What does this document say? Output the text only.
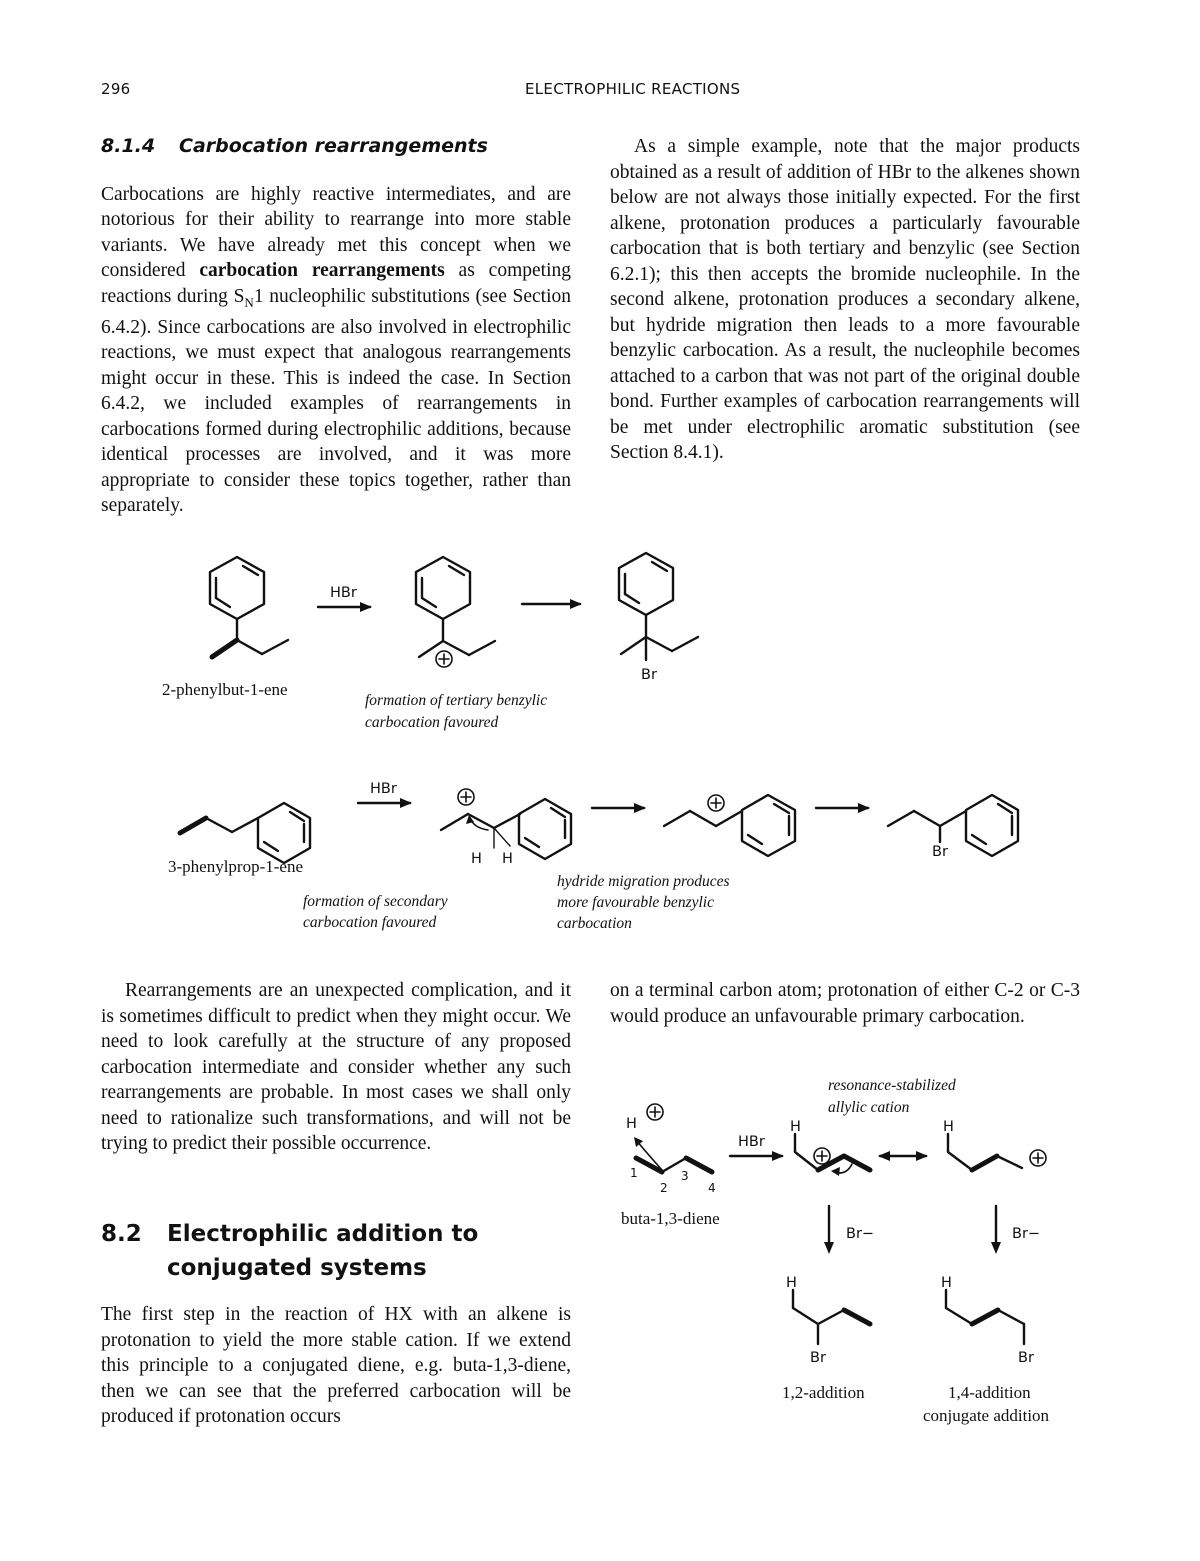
296	ELECTROPHILIC REACTIONS
8.1.4 Carbocation rearrangements

Carbocations are highly reactive intermediates, and are notorious for their ability to rearrange into more stable variants. We have already met this concept when we considered carbocation rearrangements as competing reactions during $S_N1$ nucleophilic substitutions (see Section 6.4.2). Since carbocations are also involved in electrophilic reactions, we must expect that analogous rearrangements might occur in these. This is indeed the case. In Section 6.4.2, we included examples of rearrangements in carbocations formed during electrophilic additions, because identical processes are involved, and it was more appropriate to consider these topics together, rather than separately.

As a simple example, note that the major products obtained as a result of addition of HBr to the alkenes shown below are not always those initially expected. For the first alkene, protonation produces a particularly favourable carbocation that is both tertiary and benzylic (see Section 6.2.1); this then accepts the bromide nucleophile. In the second alkene, protonation produces a secondary alkene, but hydride migration then leads to a more favourable benzylic carbocation. As a result, the nucleophile becomes attached to a carbon that was not part of the original double bond. Further examples of carbocation rearrangements will be met under electrophilic aromatic substitution (see Section 8.4.1).

HBr
Br
2-phenylbut-1-ene
formation of tertiary benzylic
carbocation favoured
HBr
H H	Br
3-phenylprop-1-ene
formation of secondary
carbocation favoured
hydride migration produces
more favourable benzylic
carbocation

Rearrangements are an unexpected complication, and it is sometimes difficult to predict when they might occur. We need to look carefully at the structure of any proposed carbocation intermediate and consider whether any such rearrangements are probable. In most cases we shall only need to rationalize such transformations, and will not be trying to predict their possible occurrence.

8.2 Electrophilic addition to conjugated systems

The first step in the reaction of HX with an alkene is protonation to yield the more stable cation. If we extend this principle to a conjugated diene, e.g. buta-1,3-diene, then we can see that the preferred carbocation will be produced if protonation occurs

on a terminal carbon atom; protonation of either C-2 or C-3 would produce an unfavourable primary carbocation.

H
HBr
1
2
3
4
buta-1,3-diene
resonance-stabilized
allylic cation
H	H
Br−	Br−
H	H
Br	Br
1,2-addition	1,4-addition
conjugate addition
